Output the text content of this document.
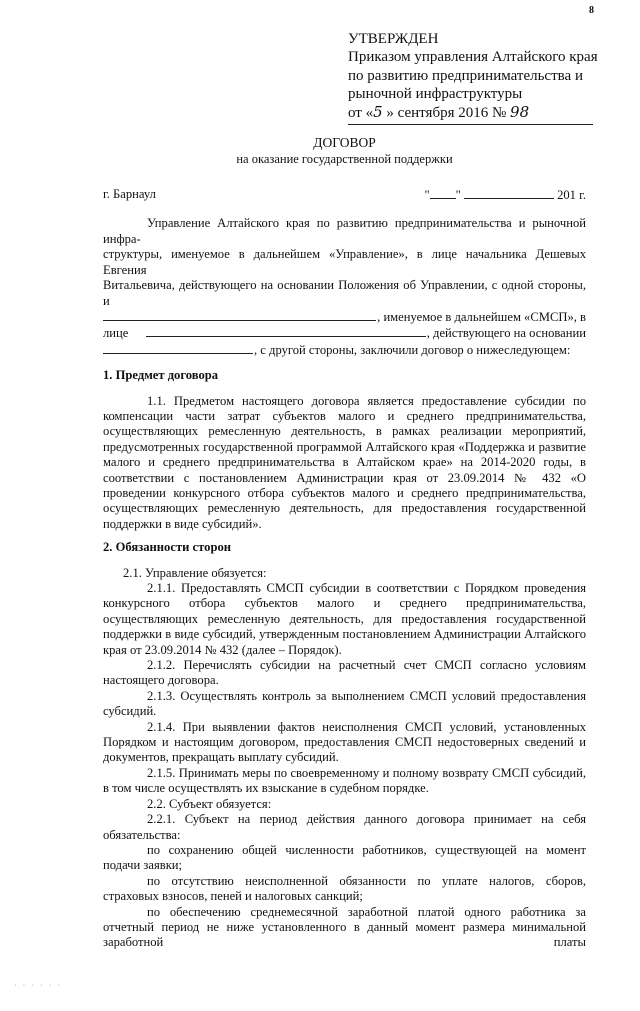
8
УТВЕРЖДЕН
Приказом управления Алтайского края
по развитию предпринимательства и
рыночной инфраструктуры
от «5 » сентября 2016 № 98
ДОГОВОР
на оказание государственной поддержки
г. Барнаул	" "	201 г.
Управление Алтайского края по развитию предпринимательства и рыночной инфра-
структуры, именуемое в дальнейшем «Управление», в лице начальника Дешевых Евгения
Витальевича, действующего на основании Положения об Управлении, с одной стороны, и
, именуемое в дальнейшем «СМСП», в
лице	, действующего на основании
, с другой стороны, заключили договор о нижеследующем:

1. Предмет договора

1.1. Предметом настоящего договора является предоставление субсидии по компенсации части затрат субъектов малого и среднего предпринимательства, осуществляющих ремесленную деятельность, в рамках реализации мероприятий, предусмотренных государственной программой Алтайского края «Поддержка и развитие малого и среднего предпринимательства в Алтайском крае» на 2014-2020 годы, в соответствии с постановлением Администрации края от 23.09.2014 № 432 «О проведении конкурсного отбора субъектов малого и среднего предпринимательства, осуществляющих ремесленную деятельность, для предоставления государственной поддержки в виде субсидий».

2. Обязанности сторон

2.1. Управление обязуется:

2.1.1. Предоставлять СМСП субсидии в соответствии с Порядком проведения конкурсного отбора субъектов малого и среднего предпринимательства, осуществляющих ремесленную деятельность, для предоставления государственной поддержки в виде субсидий, утвержденным постановлением Администрации Алтайского края от 23.09.2014 № 432 (далее – Порядок).

2.1.2. Перечислять субсидии на расчетный счет СМСП согласно условиям настоящего договора.

2.1.3. Осуществлять контроль за выполнением СМСП условий предоставления субсидий.

2.1.4. При выявлении фактов неисполнения СМСП условий, установленных Порядком и настоящим договором, предоставления СМСП недостоверных сведений и документов, прекращать выплату субсидий.

2.1.5. Принимать меры по своевременному и полному возврату СМСП субсидий, в том числе осуществлять их взыскание в судебном порядке.

2.2. Субъект обязуется:

2.2.1. Субъект на период действия данного договора принимает на себя обязательства:

по сохранению общей численности работников, существующей на момент подачи заявки;

по отсутствию неисполненной обязанности по уплате налогов, сборов, страховых взносов, пеней и налоговых санкций;

по обеспечению среднемесячной заработной платой одного работника за отчетный период не ниже установленного в данный момент размера минимальной заработной платы

· · · · · ·
